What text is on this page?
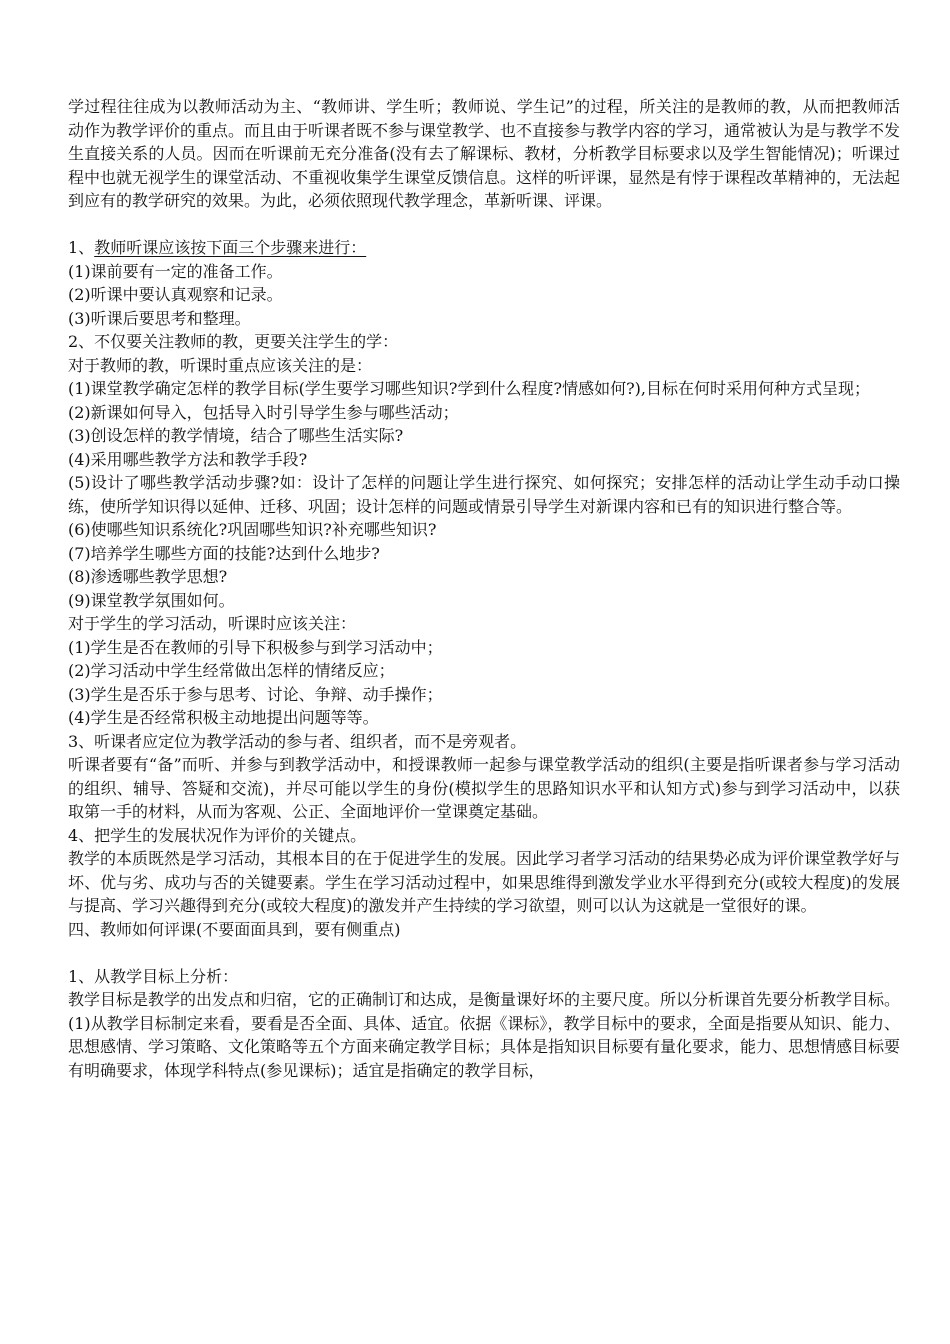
学过程往往成为以教师活动为主、“教师讲、学生听；教师说、学生记”的过程，所关注的是教师的教，从而把教师活动作为教学评价的重点。而且由于听课者既不参与课堂教学、也不直接参与教学内容的学习，通常被认为是与教学不发生直接关系的人员。因而在听课前无充分准备(没有去了解课标、教材，分析教学目标要求以及学生智能情况)；听课过程中也就无视学生的课堂活动、不重视收集学生课堂反馈信息。这样的听评课，显然是有悖于课程改革精神的，无法起到应有的教学研究的效果。为此，必须依照现代教学理念，革新听课、评课。

1、教师听课应该按下面三个步骤来进行：

(1)课前要有一定的准备工作。

(2)听课中要认真观察和记录。

(3)听课后要思考和整理。

2、不仅要关注教师的教，更要关注学生的学：

对于教师的教，听课时重点应该关注的是：

(1)课堂教学确定怎样的教学目标(学生要学习哪些知识?学到什么程度?情感如何?),目标在何时采用何种方式呈现；

(2)新课如何导入，包括导入时引导学生参与哪些活动；

(3)创设怎样的教学情境，结合了哪些生活实际?

(4)采用哪些教学方法和教学手段?

(5)设计了哪些教学活动步骤?如：设计了怎样的问题让学生进行探究、如何探究；安排怎样的活动让学生动手动口操练，使所学知识得以延伸、迁移、巩固；设计怎样的问题或情景引导学生对新课内容和已有的知识进行整合等。

(6)使哪些知识系统化?巩固哪些知识?补充哪些知识?

(7)培养学生哪些方面的技能?达到什么地步?

(8)渗透哪些教学思想?

(9)课堂教学氛围如何。

对于学生的学习活动，听课时应该关注：

(1)学生是否在教师的引导下积极参与到学习活动中；

(2)学习活动中学生经常做出怎样的情绪反应；

(3)学生是否乐于参与思考、讨论、争辩、动手操作；

(4)学生是否经常积极主动地提出问题等等。

3、听课者应定位为教学活动的参与者、组织者，而不是旁观者。

听课者要有“备”而听、并参与到教学活动中，和授课教师一起参与课堂教学活动的组织(主要是指听课者参与学习活动的组织、辅导、答疑和交流)，并尽可能以学生的身份(模拟学生的思路知识水平和认知方式)参与到学习活动中，以获取第一手的材料，从而为客观、公正、全面地评价一堂课奠定基础。

4、把学生的发展状况作为评价的关键点。

教学的本质既然是学习活动，其根本目的在于促进学生的发展。因此学习者学习活动的结果势必成为评价课堂教学好与坏、优与劣、成功与否的关键要素。学生在学习活动过程中，如果思维得到激发学业水平得到充分(或较大程度)的发展与提高、学习兴趣得到充分(或较大程度)的激发并产生持续的学习欲望，则可以认为这就是一堂很好的课。

四、教师如何评课(不要面面具到，要有侧重点)

1、从教学目标上分析：

教学目标是教学的出发点和归宿，它的正确制订和达成，是衡量课好坏的主要尺度。所以分析课首先要分析教学目标。

(1)从教学目标制定来看，要看是否全面、具体、适宜。依据《课标》，教学目标中的要求，全面是指要从知识、能力、思想感情、学习策略、文化策略等五个方面来确定教学目标；具体是指知识目标要有量化要求，能力、思想情感目标要有明确要求，体现学科特点(参见课标)；适宜是指确定的教学目标，
